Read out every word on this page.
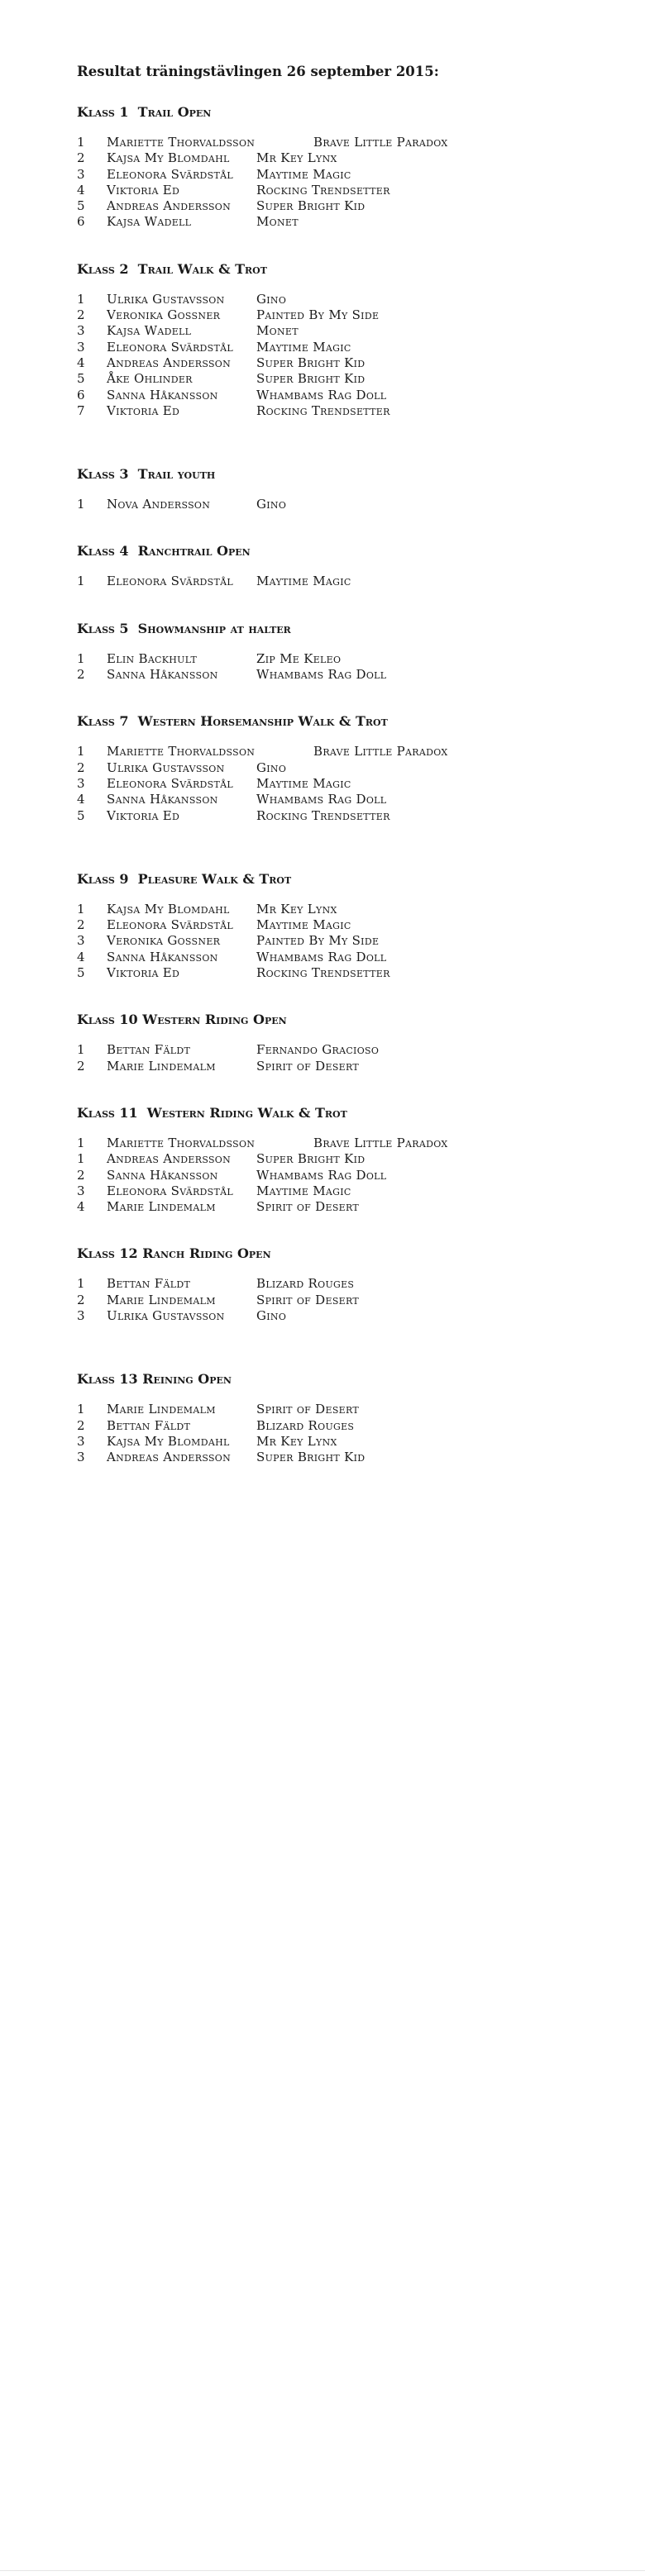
Resultat träningstävlingen 26 september 2015:
Klass 1  Trail Open
1	Mariette Thorvaldsson	Brave Little Paradox
2	Kajsa My Blomdahl	Mr Key Lynx
3	Eleonora Svärdstål	Maytime Magic
4	Viktoria Ed	Rocking Trendsetter
5	Andreas Andersson	Super Bright Kid
6	Kajsa Wadell	Monet
Klass 2  Trail Walk & Trot
1	Ulrika Gustavsson	Gino
2	Veronika Gossner	Painted By My Side
3	Kajsa Wadell	Monet
3	Eleonora Svärdstål	Maytime Magic
4	Andreas Andersson	Super Bright Kid
5	Åke Ohlinder	Super Bright Kid
6	Sanna Håkansson	Whambams Rag Doll
7	Viktoria Ed	Rocking Trendsetter
Klass 3  Trail youth
1	Nova Andersson	Gino
Klass 4  Ranchtrail Open
1	Eleonora Svärdstål	Maytime Magic
Klass 5  Showmanship at halter
1	Elin Backhult	Zip Me Keleo
2	Sanna Håkansson	Whambams Rag Doll
Klass 7  Western Horsemanship Walk & Trot
1	Mariette Thorvaldsson	Brave Little Paradox
2	Ulrika Gustavsson	Gino
3	Eleonora Svärdstål	Maytime Magic
4	Sanna Håkansson	Whambams Rag Doll
5	Viktoria Ed	Rocking Trendsetter
Klass 9  Pleasure Walk & Trot
1	Kajsa My Blomdahl	Mr Key Lynx
2	Eleonora Svärdstål	Maytime Magic
3	Veronika Gossner	Painted By My Side
4	Sanna Håkansson	Whambams Rag Doll
5	Viktoria Ed	Rocking Trendsetter
Klass 10 Western Riding Open
1	Bettan Fäldt	Fernando Gracioso
2	Marie Lindemalm	Spirit of Desert
Klass 11  Western Riding Walk & Trot
1	Mariette Thorvaldsson	Brave Little Paradox
1	Andreas Andersson	Super Bright Kid
2	Sanna Håkansson	Whambams Rag Doll
3	Eleonora Svärdstål	Maytime Magic
4	Marie Lindemalm	Spirit of Desert
Klass 12 Ranch Riding Open
1	Bettan Fäldt	Blizard Rouges
2	Marie Lindemalm	Spirit of Desert
3	Ulrika Gustavsson	Gino
Klass 13 Reining Open
1	Marie Lindemalm	Spirit of Desert
2	Bettan Fäldt	Blizard Rouges
3	Kajsa My Blomdahl	Mr Key Lynx
3	Andreas Andersson	Super Bright Kid
